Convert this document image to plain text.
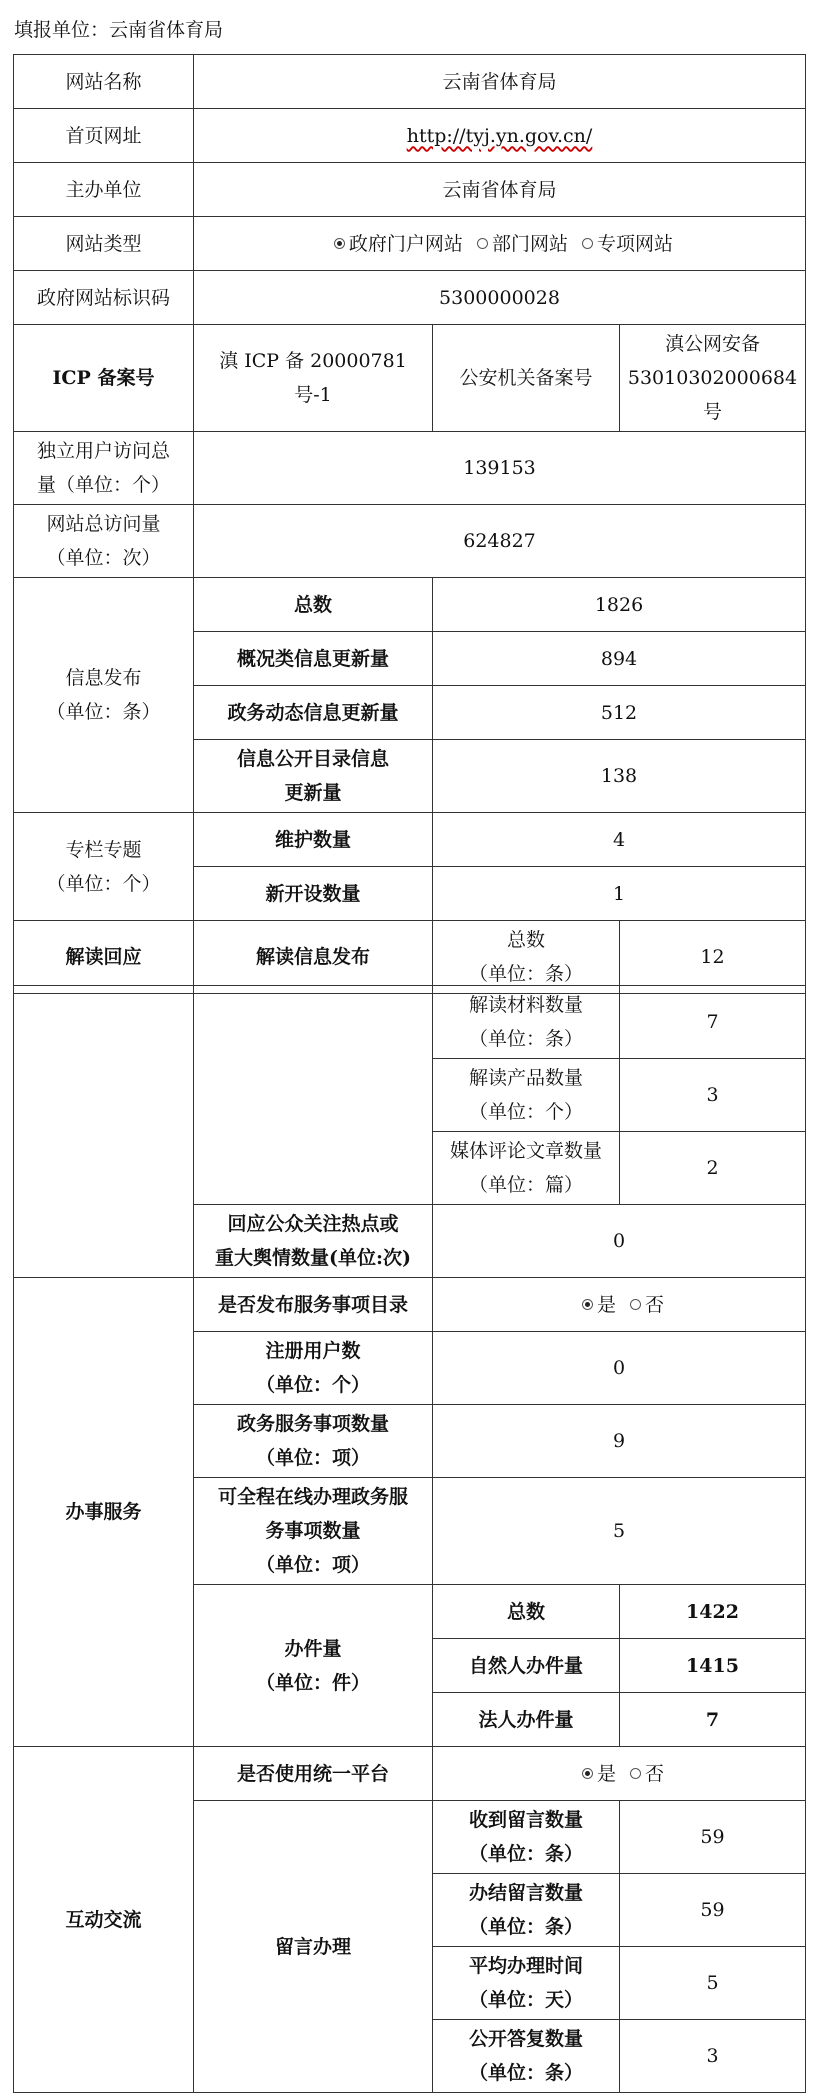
填报单位：云南省体育局
网站名称	云南省体育局		
首页网址	http://tyj.yn.gov.cn/		
主办单位	云南省体育局		
网站类型	政府门户网站
部门网站
专项网站		

政府网站标识码	5300000028		
ICP 备案号	滇 ICP 备 20000781 号-1	公安机关备案号	滇公网安备
53010302000684 号

独立用户访问总
量（单位：个）	139153		

网站总访问量
（单位：次）	624827		

信息发布
（单位：条）	总数	1826	
	概况类信息更新量	894	
	政务动态信息更新量	512	

	信息公开目录信息
更新量	138	

专栏专题
（单位：个）	维护数量	4	
	新开设数量	1	
解读回应	解读信息发布	总数
（单位：条）	12

		解读材料数量
（单位：条）	7

		解读产品数量
（单位：个）	3

		媒体评论文章数量
（单位：篇）	2

	回应公众关注热点或
重大舆情数量(单位:次)	0	
办事服务	是否发布服务事项目录	是
否	

	注册用户数
（单位：个）	0	

	政务服务事项数量
（单位：项）	9	

	可全程在线办理政务服
务事项数量
（单位：项）	5	

	办件量
（单位：件）	总数	1422
		自然人办件量	1415
		法人办件量	7
互动交流	是否使用统一平台	是
否	

	留言办理	收到留言数量
（单位：条）	59

		办结留言数量
（单位：条）	59

		平均办理时间
（单位：天）	5

		公开答复数量
（单位：条）	3
